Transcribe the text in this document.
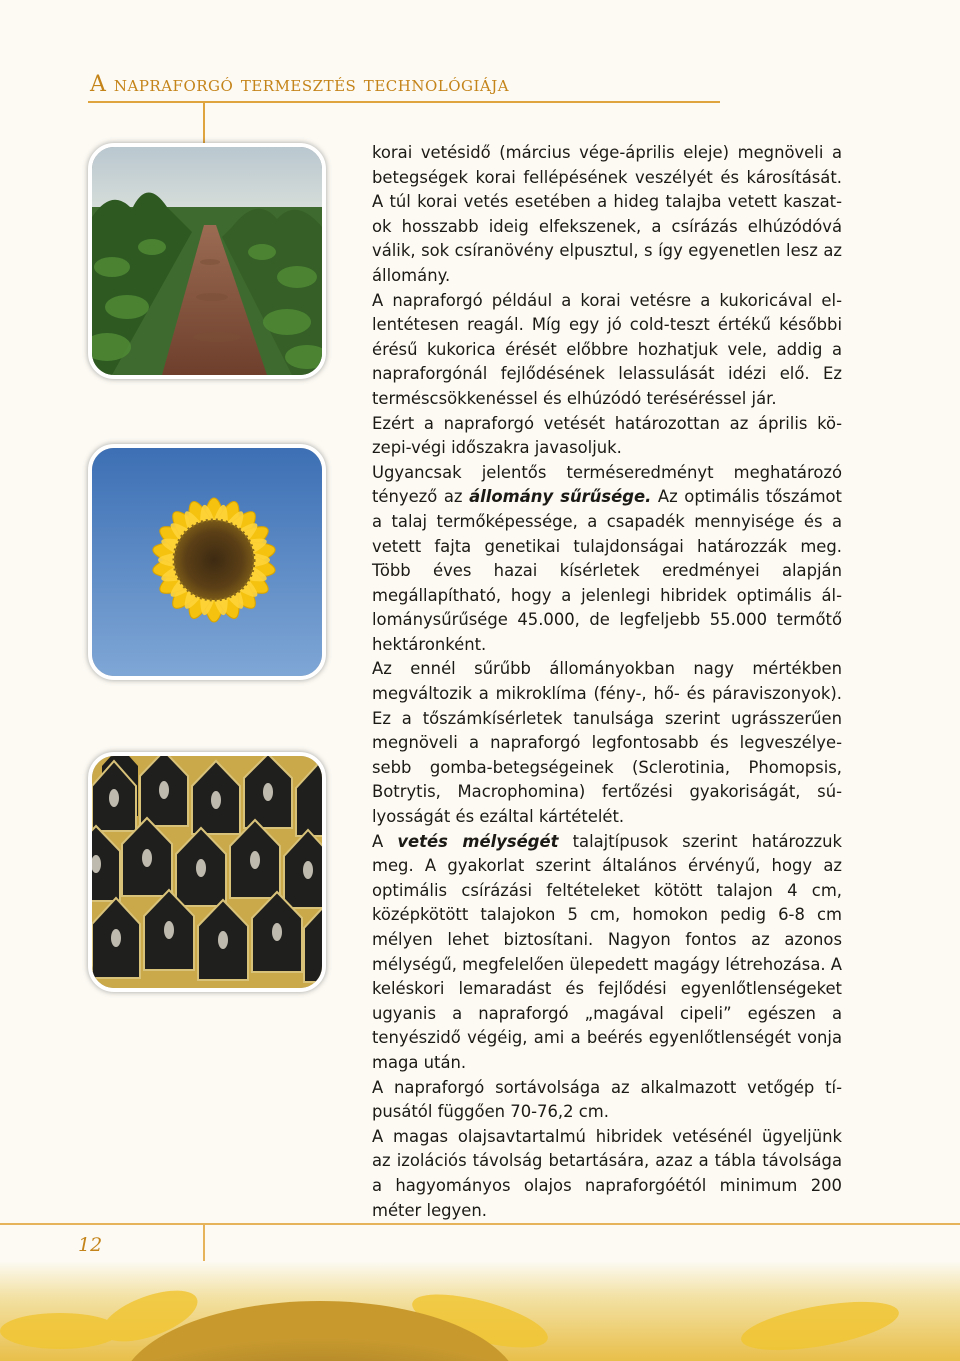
A napraforgó termesztés technológiája

korai vetésidő (március vége-április eleje) megnöveli a betegségek korai fellépésének veszélyét és károsítását. A túl korai vetés esetében a hideg talajba vetett kaszatok hosszabb ideig elfekszenek, a csírázás elhúzódóvá válik, sok csíranövény elpusztul, s így egyenetlen lesz az állomány.

A napraforgó például a korai vetésre a kukoricával ellentétesen reagál. Míg egy jó cold-teszt értékű későbbi érésű kukorica érését előbbre hozhatjuk vele, addig a napraforgónál fejlődésének lelassulását idézi elő. Ez terméscsökkenéssel és elhúzódó teréséréssel jár.

Ezért a napraforgó vetését határozottan az április közepi-végi időszakra javasoljuk.

Ugyancsak jelentős terméseredményt meghatározó tényező az állomány sűrűsége. Az optimális tőszámot a talaj termőképessége, a csapadék mennyisége és a vetett fajta genetikai tulajdonságai határozzák meg. Több éves hazai kísérletek eredményei alapján megállapítható, hogy a jelenlegi hibridek optimális állománysűrűsége 45.000, de legfeljebb 55.000 termőtő hektáronként.

Az ennél sűrűbb állományokban nagy mértékben megváltozik a mikroklíma (fény-, hő- és páraviszonyok). Ez a tőszámkísérletek tanulsága szerint ugrásszerűen megnöveli a napraforgó legfontosabb és legveszélyesebb gomba-betegségeinek (Sclerotinia, Phomopsis, Botrytis, Macrophomina) fertőzési gyakoriságát, súlyosságát és ezáltal kártételét.

A vetés mélységét talajtípusok szerint határozzuk meg. A gyakorlat szerint általános érvényű, hogy az optimális csírázási feltételeket kötött talajon 4 cm, középkötött talajokon 5 cm, homokon pedig 6-8 cm mélyen lehet biztosítani. Nagyon fontos az azonos mélységű, megfelelően ülepedett magágy létrehozása. A keléskori lemaradást és fejlődési egyenlőtlenségeket ugyanis a napraforgó „magával cipeli” egészen a tenyészidő végéig, ami a beérés egyenlőtlenségét vonja maga után.

A napraforgó sortávolsága az alkalmazott vetőgép típusától függően 70-76,2 cm.

A magas olajsavtartalmú hibridek vetésénél ügyeljünk az izolációs távolság betartására, azaz a tábla távolsága a hagyományos olajos napraforgóétól minimum 200 méter legyen.

12
